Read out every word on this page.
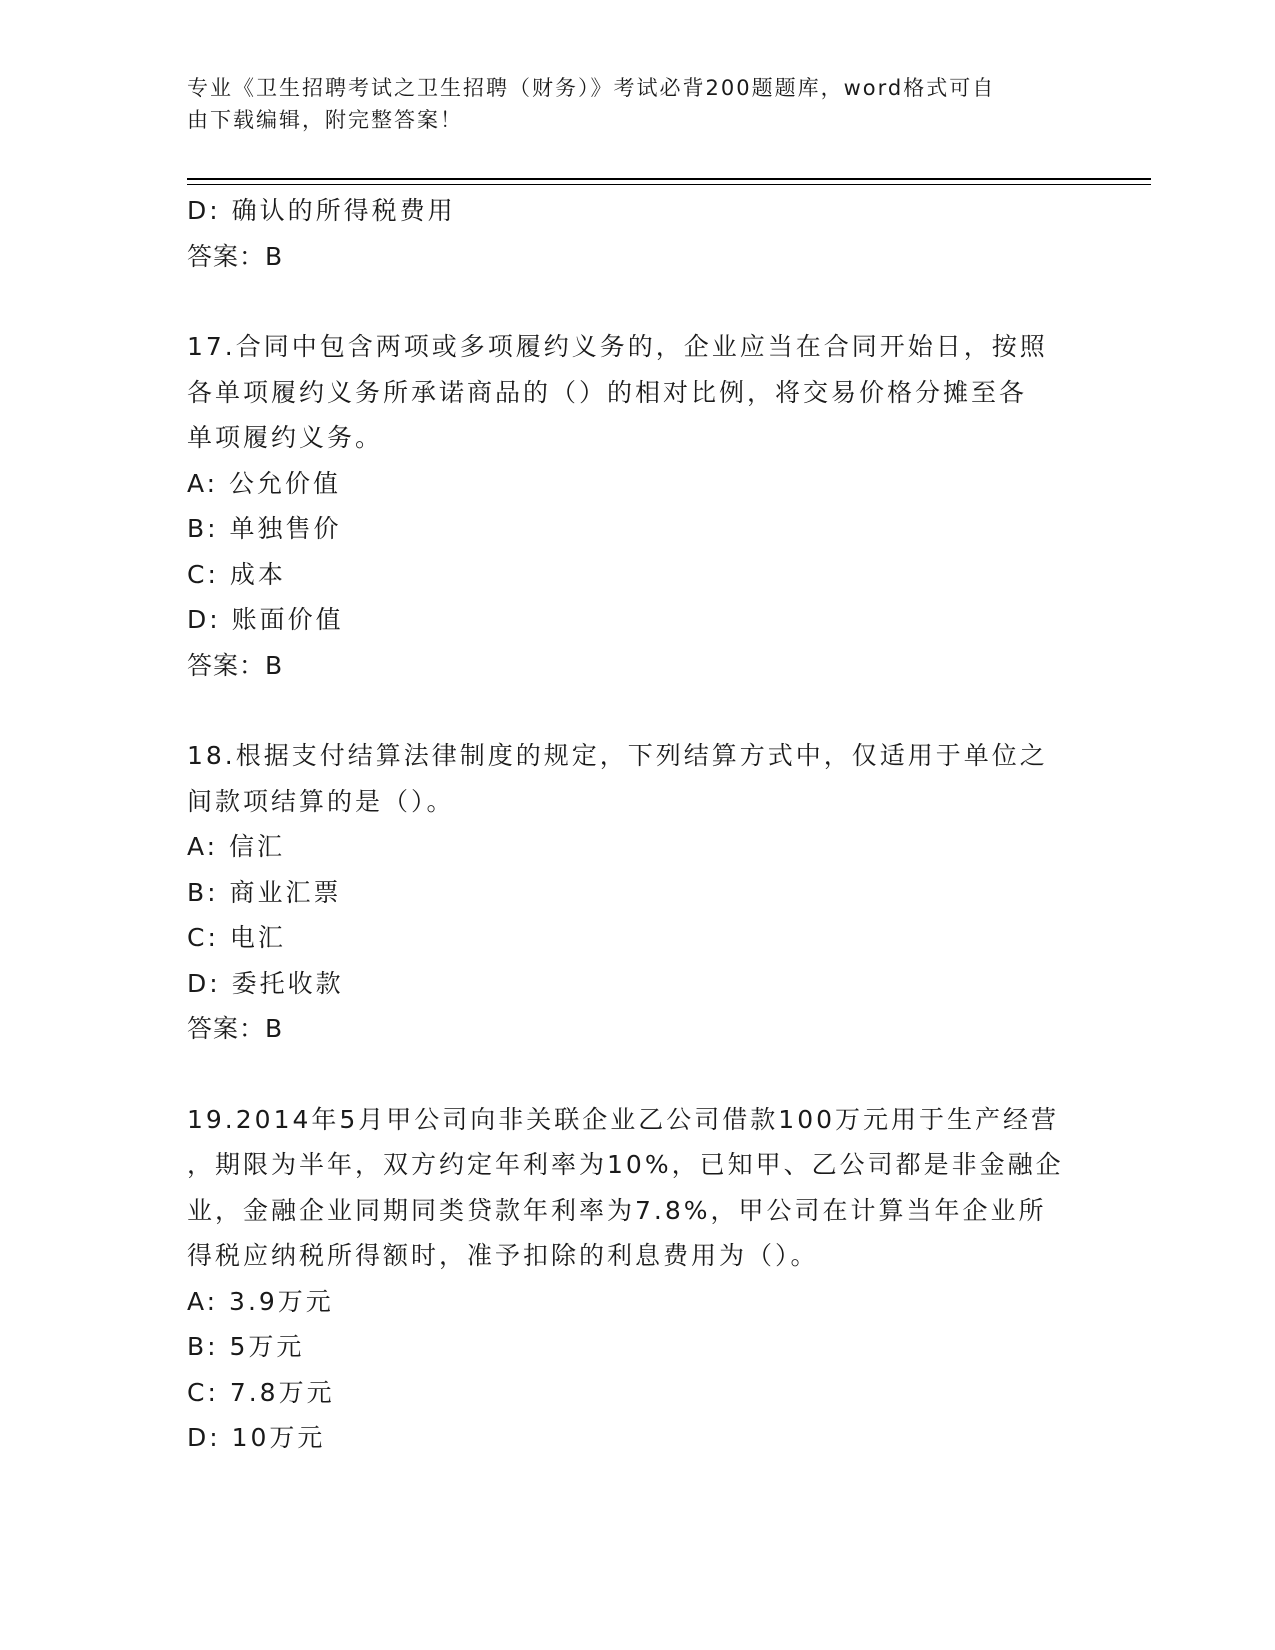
专业《卫生招聘考试之卫生招聘（财务）》考试必背200题题库，word格式可自
由下载编辑，附完整答案！
D: 确认的所得税费用
答案：B
17.合同中包含两项或多项履约义务的，企业应当在合同开始日，按照
各单项履约义务所承诺商品的（）的相对比例，将交易价格分摊至各
单项履约义务。
A: 公允价值
B: 单独售价
C: 成本
D: 账面价值
答案：B
18.根据支付结算法律制度的规定，下列结算方式中，仅适用于单位之
间款项结算的是（）。
A: 信汇
B: 商业汇票
C: 电汇
D: 委托收款
答案：B
19.2014年5月甲公司向非关联企业乙公司借款100万元用于生产经营
，期限为半年，双方约定年利率为10%，已知甲、乙公司都是非金融企
业，金融企业同期同类贷款年利率为7.8%，甲公司在计算当年企业所
得税应纳税所得额时，准予扣除的利息费用为（）。
A: 3.9万元
B: 5万元
C: 7.8万元
D: 10万元
